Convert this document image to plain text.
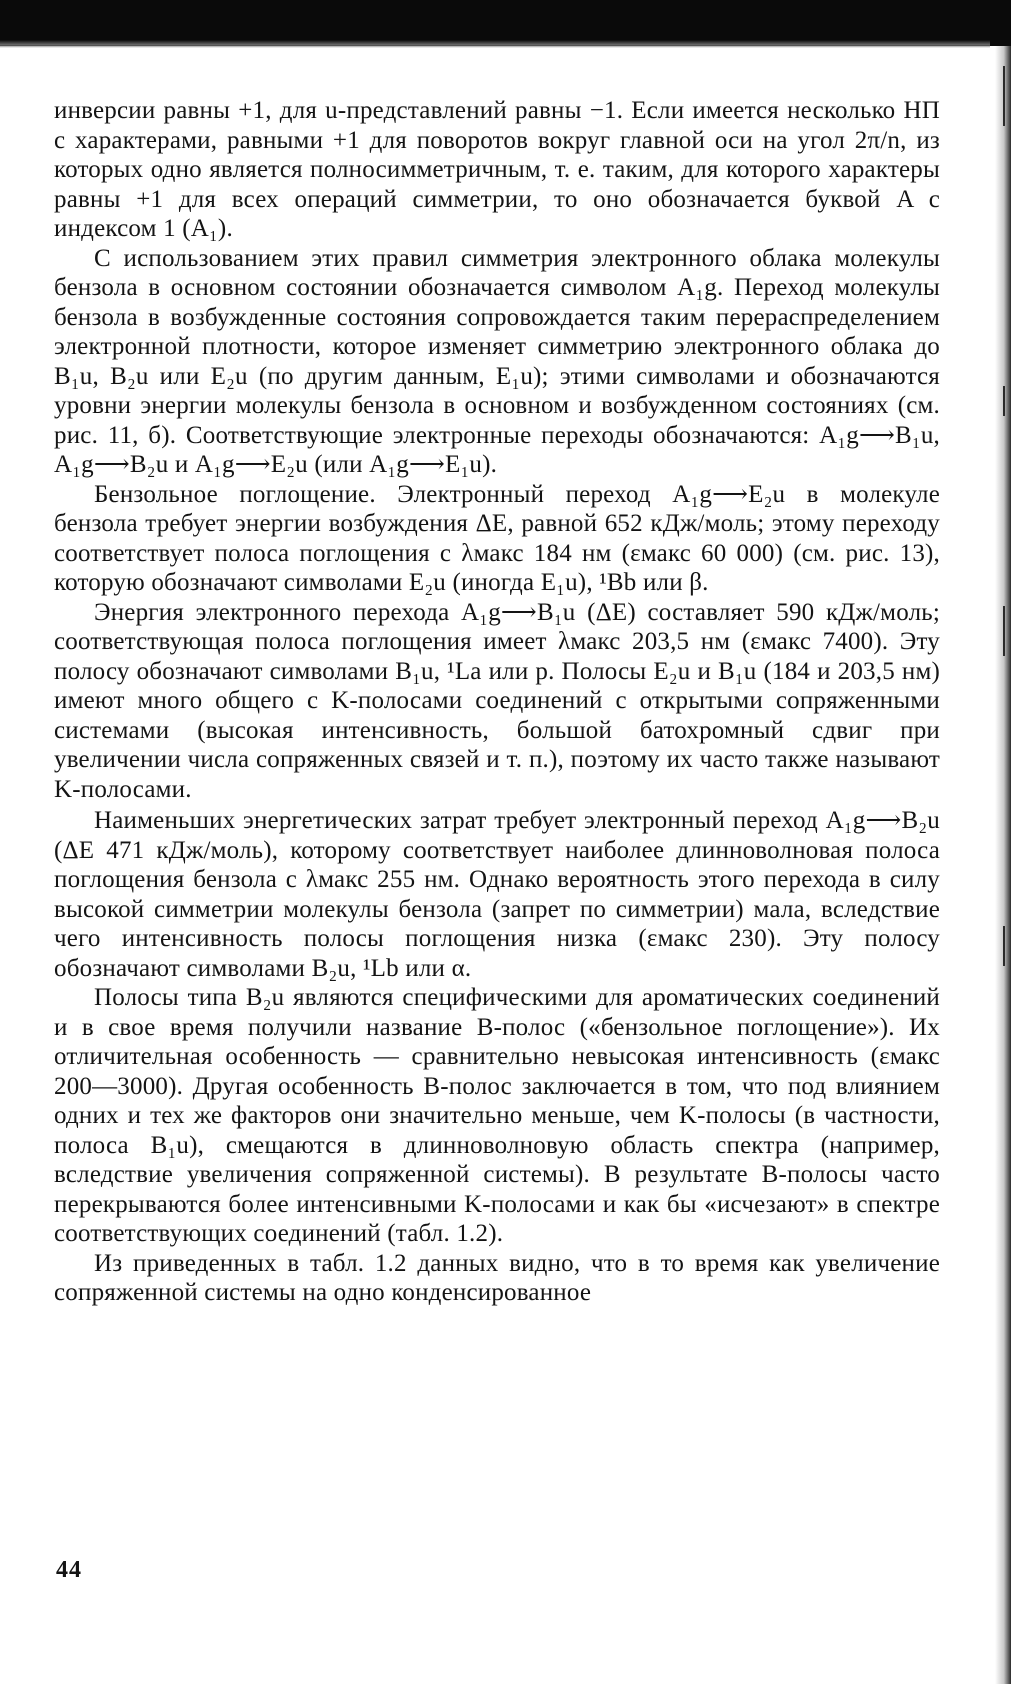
инверсии равны +1, для u-представлений равны −1. Если имеется несколько НП с характерами, равными +1 для поворотов вокруг главной оси на угол 2π/n, из которых одно является полносимметричным, т. е. таким, для которого характеры равны +1 для всех операций симметрии, то оно обозначается буквой A с индексом 1 (A₁).

С использованием этих правил симметрия электронного облака молекулы бензола в основном состоянии обозначается символом A₁g. Переход молекулы бензола в возбужденные состояния сопровождается таким перераспределением электронной плотности, которое изменяет симметрию электронного облака до B₁u, B₂u или E₂u (по другим данным, E₁u); этими символами и обозначаются уровни энергии молекулы бензола в основном и возбужденном состояниях (см. рис. 11, б). Соответствующие электронные переходы обозначаются: A₁g⟶B₁u, A₁g⟶B₂u и A₁g⟶E₂u (или A₁g⟶E₁u).

Бензольное поглощение. Электронный переход A₁g⟶E₂u в молекуле бензола требует энергии возбуждения ΔE, равной 652 кДж/моль; этому переходу соответствует полоса поглощения с λмакс 184 нм (εмакс 60 000) (см. рис. 13), которую обозначают символами E₂u (иногда E₁u), ¹Bb или β.

Энергия электронного перехода A₁g⟶B₁u (ΔE) составляет 590 кДж/моль; соответствующая полоса поглощения имеет λмакс 203,5 нм (εмакс 7400). Эту полосу обозначают символами B₁u, ¹La или p. Полосы E₂u и B₁u (184 и 203,5 нм) имеют много общего с K-полосами соединений с открытыми сопряженными системами (высокая интенсивность, большой батохромный сдвиг при увеличении числа сопряженных связей и т. п.), поэтому их часто также называют K-полосами.

Наименьших энергетических затрат требует электронный переход A₁g⟶B₂u (ΔE 471 кДж/моль), которому соответствует наиболее длинноволновая полоса поглощения бензола с λмакс 255 нм. Однако вероятность этого перехода в силу высокой симметрии молекулы бензола (запрет по симметрии) мала, вследствие чего интенсивность полосы поглощения низка (εмакс 230). Эту полосу обозначают символами B₂u, ¹Lb или α.

Полосы типа B₂u являются специфическими для ароматических соединений и в свое время получили название B-полос («бензольное поглощение»). Их отличительная особенность — сравнительно невысокая интенсивность (εмакс 200—3000). Другая особенность B-полос заключается в том, что под влиянием одних и тех же факторов они значительно меньше, чем K-полосы (в частности, полоса B₁u), смещаются в длинноволновую область спектра (например, вследствие увеличения сопряженной системы). В результате B-полосы часто перекрываются более интенсивными K-полосами и как бы «исчезают» в спектре соответствующих соединений (табл. 1.2).

Из приведенных в табл. 1.2 данных видно, что в то время как увеличение сопряженной системы на одно конденсированное

44
